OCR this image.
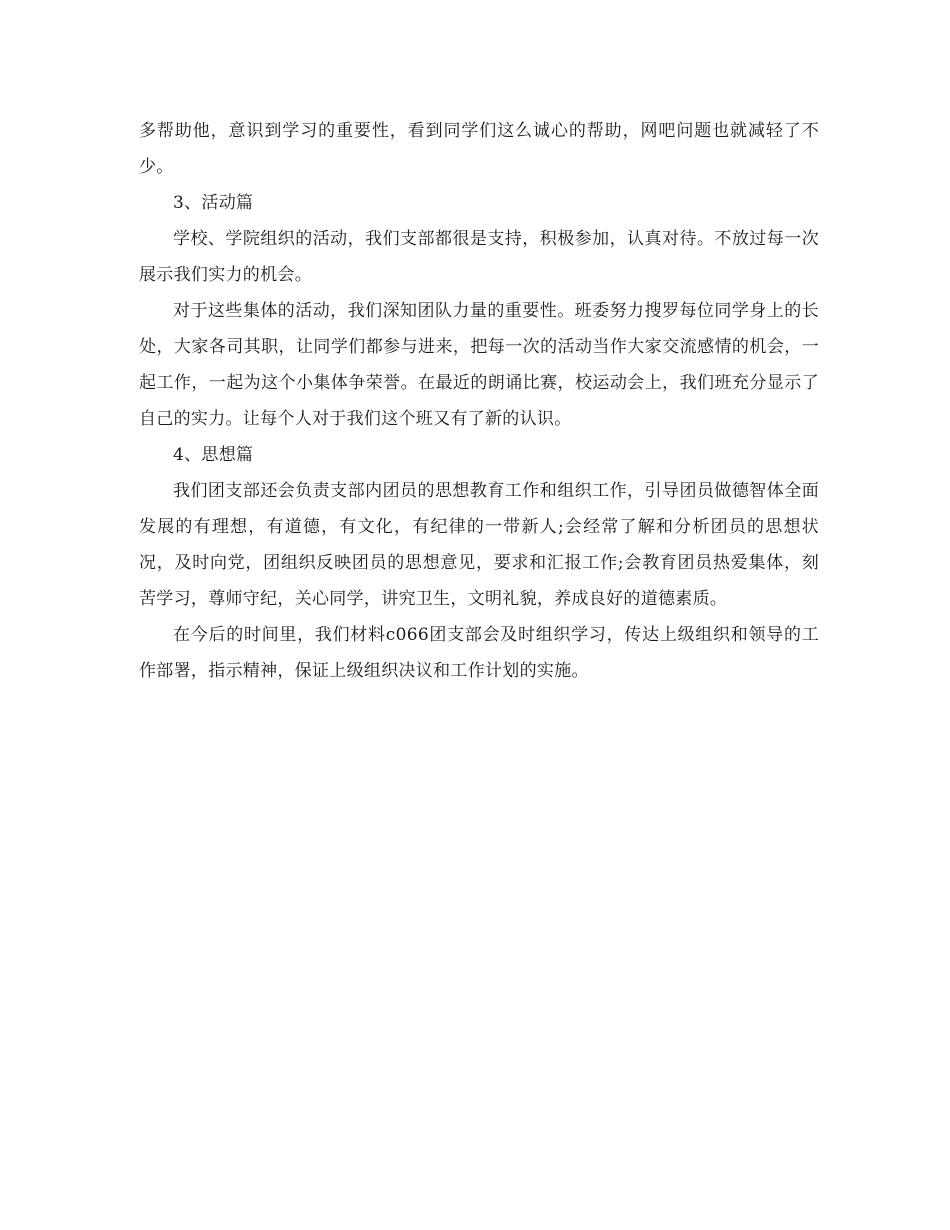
多帮助他，意识到学习的重要性，看到同学们这么诚心的帮助，网吧问题也就减轻了不少。

3、活动篇

学校、学院组织的活动，我们支部都很是支持，积极参加，认真对待。不放过每一次展示我们实力的机会。

对于这些集体的活动，我们深知团队力量的重要性。班委努力搜罗每位同学身上的长处，大家各司其职，让同学们都参与进来，把每一次的活动当作大家交流感情的机会，一起工作，一起为这个小集体争荣誉。在最近的朗诵比赛，校运动会上，我们班充分显示了自己的实力。让每个人对于我们这个班又有了新的认识。

4、思想篇

我们团支部还会负责支部内团员的思想教育工作和组织工作，引导团员做德智体全面发展的有理想，有道德，有文化，有纪律的一带新人;会经常了解和分析团员的思想状况，及时向党，团组织反映团员的思想意见，要求和汇报工作;会教育团员热爱集体，刻苦学习，尊师守纪，关心同学，讲究卫生，文明礼貌，养成良好的道德素质。

在今后的时间里，我们材料c066团支部会及时组织学习，传达上级组织和领导的工作部署，指示精神，保证上级组织决议和工作计划的实施。
